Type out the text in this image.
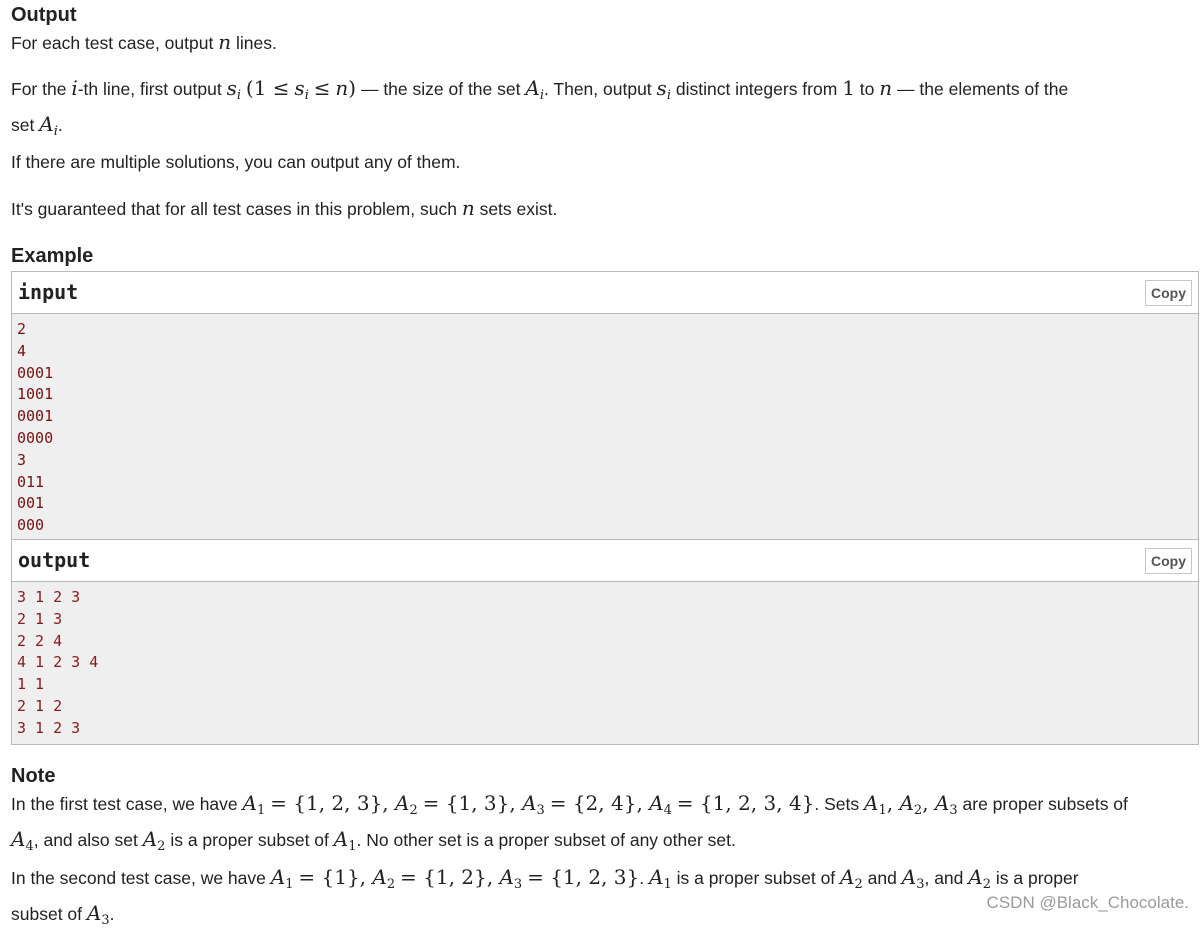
Output

For each test case, output n lines.

For the i-th line, first output $s_i$ $(1 \le s_i \le n)$ — the size of the set $A_i$. Then, output $s_i$ distinct integers from 1 to n — the elements of the
set $A_i$.

If there are multiple solutions, you can output any of them.

It's guaranteed that for all test cases in this problem, such n sets exist.

Example
input	Copy
2
4
0001
1001
0001
0000
3
011
001
000
output	Copy
3 1 2 3
2 1 3
2 2 4
4 1 2 3 4
1 1
2 1 2
3 1 2 3
Note

In the first test case, we have $A_1 = \{1$, 2, 3}, $A_2 = \{1$, 3}, $A_3 = \{2$, 4}, $A_4 = \{1$, 2, 3, 4}. Sets $A_1$, $A_2$, $A_3$ are proper subsets of
$A_4$, and also set $A_2$ is a proper subset of $A_1$. No other set is a proper subset of any other set.

In the second test case, we have $A_1 = \{1\}$, $A_2 = \{1$, 2}, $A_3 = \{1$, 2, 3}. $A_1$ is a proper subset of $A_2$ and $A_3$, and $A_2$ is a proper
subset of $A_3$.

CSDN @Black_Chocolate.
